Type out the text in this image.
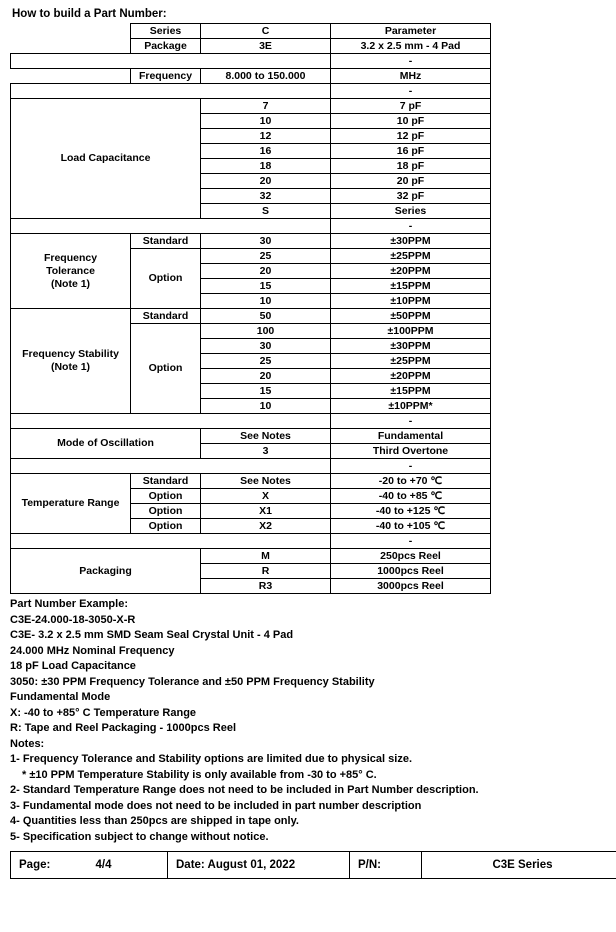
How to build a Part Number:
	Series	C	Parameter
	Package	3E	3.2 x 2.5 mm - 4 Pad
			-
	Frequency	8.000 to 150.000	MHz
			-
Load Capacitance		7	7 pF
		10	10 pF
		12	12 pF
		16	16 pF
		18	18 pF
		20	20 pF
		32	32 pF
		S	Series
			-

Frequency
Tolerance
(Note 1)	Standard	30	±30PPM
	Option	25	±25PPM
		20	±20PPM
		15	±15PPM
		10	±10PPM

Frequency Stability
(Note 1)	Standard	50	±50PPM
	Option	100	±100PPM
		30	±30PPM
		25	±25PPM
		20	±20PPM
		15	±15PPM
		10	±10PPM*
			-
Mode of Oscillation		See Notes	Fundamental
		3	Third Overtone
			-
Temperature Range	Standard	See Notes	-20 to +70 ℃
	Option	X	-40 to +85 ℃
	Option	X1	-40 to +125 ℃
	Option	X2	-40 to +105 ℃
			-
Packaging		M	250pcs Reel
		R	1000pcs Reel
		R3	3000pcs Reel
Part Number Example:
C3E-24.000-18-3050-X-R
C3E- 3.2 x 2.5 mm SMD Seam Seal Crystal Unit - 4 Pad
24.000 MHz Nominal Frequency
18 pF Load Capacitance
3050: ±30 PPM Frequency Tolerance and ±50 PPM Frequency Stability
Fundamental Mode
X: -40 to +85° C Temperature Range
R: Tape and Reel Packaging - 1000pcs Reel
Notes:
1- Frequency Tolerance and Stability options are limited due to physical size.
* ±10 PPM Temperature Stability is only available from -30 to +85° C.
2- Standard Temperature Range does not need to be included in Part Number description.
3- Fundamental mode does not need to be included in part number description
4- Quantities less than 250pcs are shipped in tape only.
5- Specification subject to change without notice.
Page:	4/4	Date: August 01, 2022	P/N:	C3E Series	
